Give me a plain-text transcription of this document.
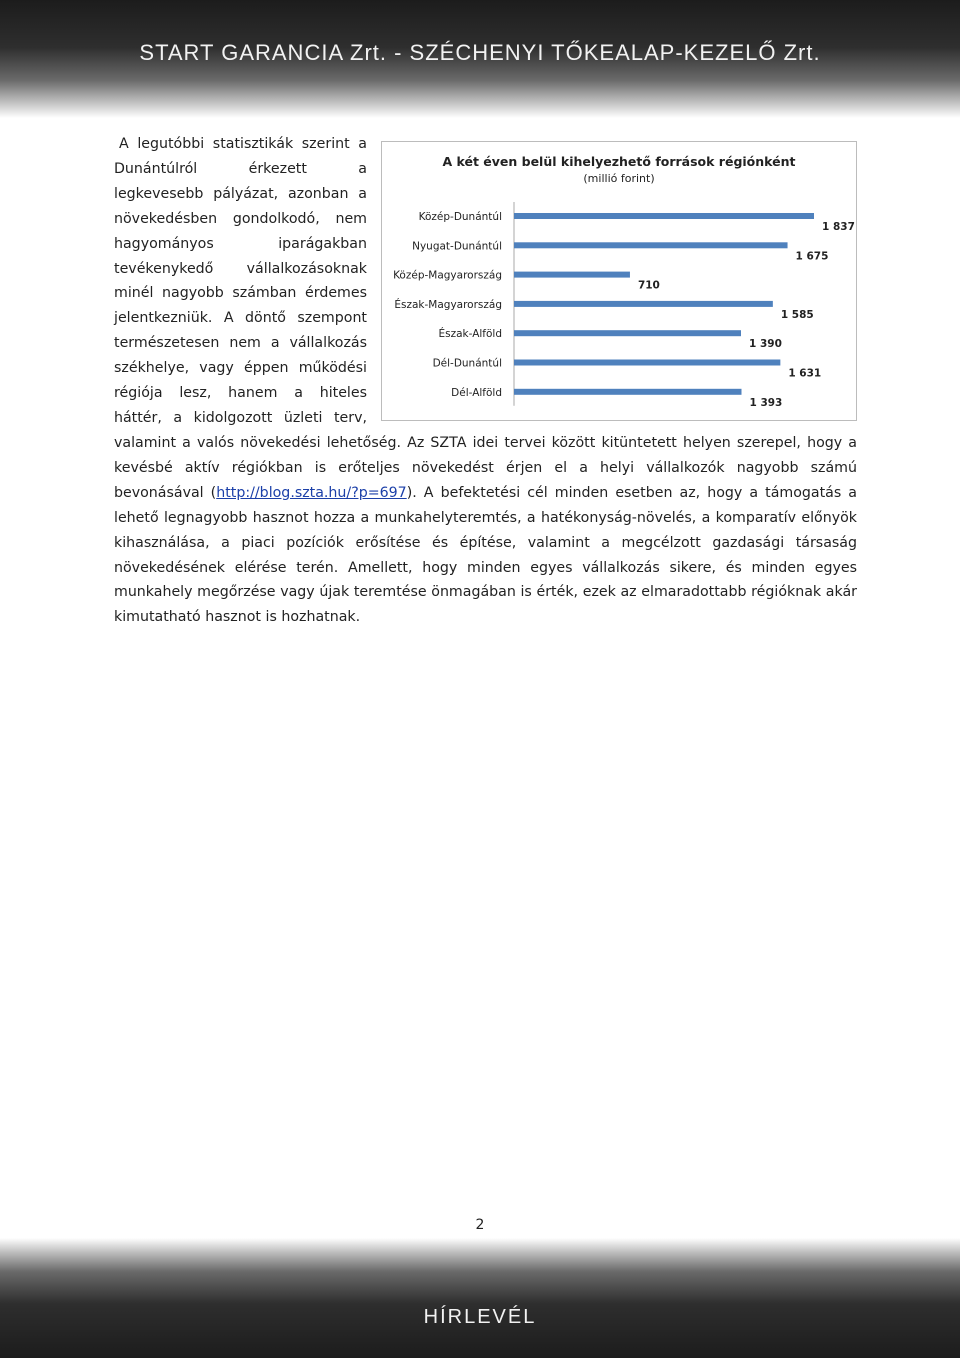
START GARANCIA Zrt. - SZÉCHENYI TŐKEALAP-KEZELŐ Zrt.
A legutóbbi statisztikák szerint a
Dunántúlról érkezett a
legkevesebb pályázat, azonban a
növekedésben gondolkodó, nem
hagyományos iparágakban
tevékenykedő vállalkozásoknak
minél nagyobb számban érdemes
jelentkezniük. A döntő szempont
természetesen nem a vállalkozás
székhelye, vagy éppen működési
régiója lesz, hanem a hiteles
háttér, a kidolgozott üzleti terv,
A két éven belül kihelyezhető források régiónként
(millió forint)
Közép-Dunántúl
1 837
Nyugat-Dunántúl
1 675
Közép-Magyarország
710
Észak-Magyarország
1 585
Észak-Alföld
1 390
Dél-Dunántúl
1 631
Dél-Alföld
1 393
valamint a valós növekedési lehetőség. Az SZTA idei tervei között kitüntetett helyen szerepel, hogy a
kevésbé aktív régiókban is erőteljes növekedést érjen el a helyi vállalkozók nagyobb számú
bevonásával (http://blog.szta.hu/?p=697). A befektetési cél minden esetben az, hogy a támogatás a
lehető legnagyobb hasznot hozza a munkahelyteremtés, a hatékonyság-növelés, a komparatív előnyök
kihasználása, a piaci pozíciók erősítése és építése, valamint a megcélzott gazdasági társaság
növekedésének elérése terén. Amellett, hogy minden egyes vállalkozás sikere, és minden egyes
munkahely megőrzése vagy újak teremtése önmagában is érték, ezek az elmaradottabb régióknak akár
kimutatható hasznot is hozhatnak.
2
HÍRLEVÉL
